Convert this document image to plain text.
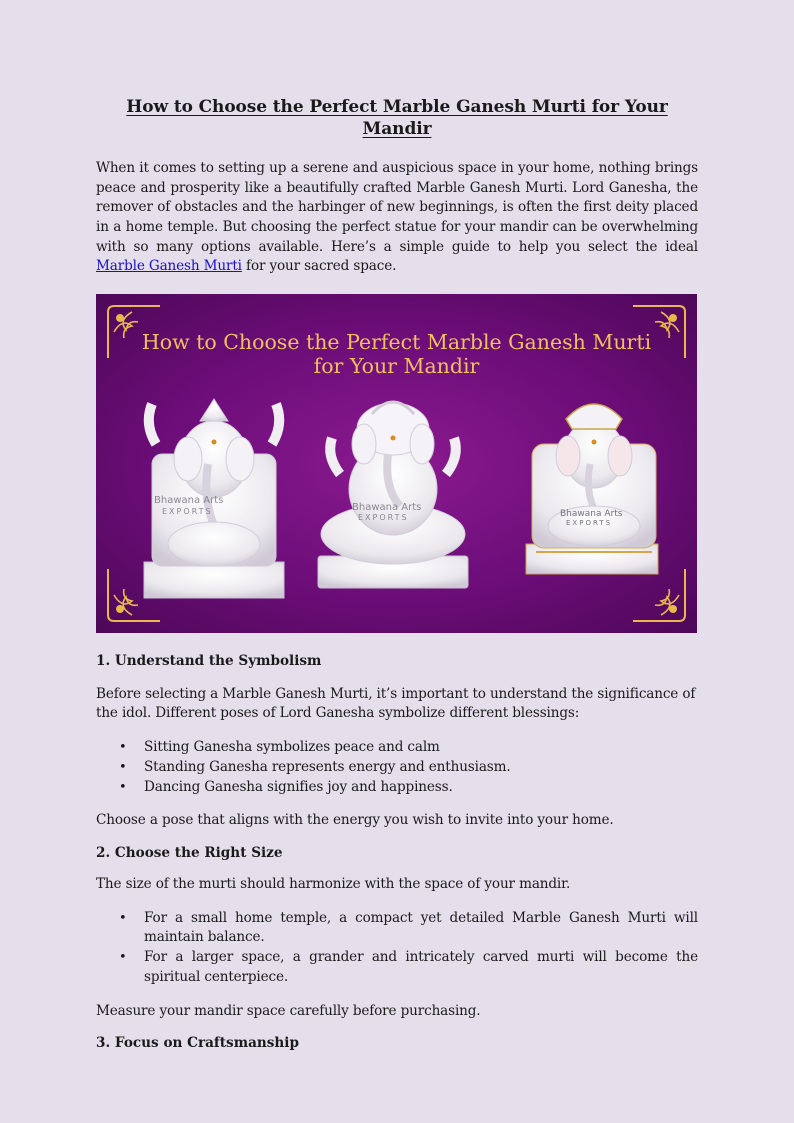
How to Choose the Perfect Marble Ganesh Murti for Your Mandir

When it comes to setting up a serene and auspicious space in your home, nothing brings peace and prosperity like a beautifully crafted Marble Ganesh Murti. Lord Ganesha, the remover of obstacles and the harbinger of new beginnings, is often the first deity placed in a home temple. But choosing the perfect statue for your mandir can be overwhelming with so many options available. Here’s a simple guide to help you select the ideal Marble Ganesh Murti for your sacred space.

How to Choose the Perfect Marble Ganesh Murti
for Your Mandir
Bhawana Arts
EXPORTS	Bhawana Arts
EXPORTS	Bhawana Arts
EXPORTS
1. Understand the Symbolism

Before selecting a Marble Ganesh Murti, it’s important to understand the significance of the idol. Different poses of Lord Ganesha symbolize different blessings:

• Sitting Ganesha symbolizes peace and calm
• Standing Ganesha represents energy and enthusiasm.
• Dancing Ganesha signifies joy and happiness.

Choose a pose that aligns with the energy you wish to invite into your home.

2. Choose the Right Size

The size of the murti should harmonize with the space of your mandir.

• For a small home temple, a compact yet detailed Marble Ganesh Murti will maintain balance.
• For a larger space, a grander and intricately carved murti will become the spiritual centerpiece.

Measure your mandir space carefully before purchasing.

3. Focus on Craftsmanship
